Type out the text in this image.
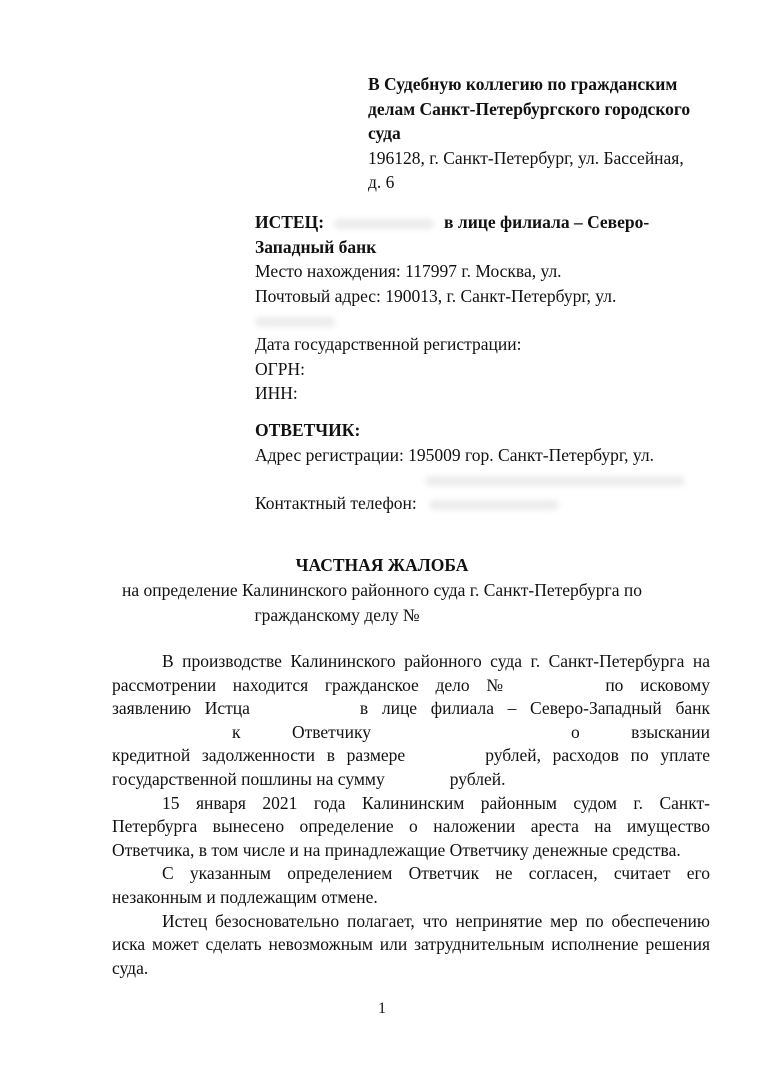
В Судебную коллегию по гражданским
делам Санкт-Петербургского городского
суда
196128, г. Санкт-Петербург, ул. Бассейная,
д. 6
ИСТЕЦ:	в лице филиала – Северо-
Западный банк
Место нахождения: 117997 г. Москва, ул.
Почтовый адрес: 190013, г. Санкт-Петербург, ул.
Дата государственной регистрации:
ОГРН:
ИНН:
ОТВЕТЧИК:
Адрес регистрации: 195009 гор. Санкт-Петербург, ул.
Контактный телефон:
ЧАСТНАЯ ЖАЛОБА
на определение Калининского районного суда г. Санкт-Петербурга по
гражданскому делу №
В производстве Калининского районного суда г. Санкт-Петербурга на
рассмотрении находится гражданское дело №	по исковому
заявлению Истца	в лице филиала – Северо-Западный банк
к Ответчику	о взыскании
кредитной задолженности в размере	рублей, расходов по уплате
государственной пошлины на сумму	рублей.
15 января 2021 года Калининским районным судом г. Санкт-
Петербурга вынесено определение о наложении ареста на имущество
Ответчика, в том числе и на принадлежащие Ответчику денежные средства.
С указанным определением Ответчик не согласен, считает его
незаконным и подлежащим отмене.
Истец безосновательно полагает, что непринятие мер по обеспечению
иска может сделать невозможным или затруднительным исполнение решения
суда.
1
